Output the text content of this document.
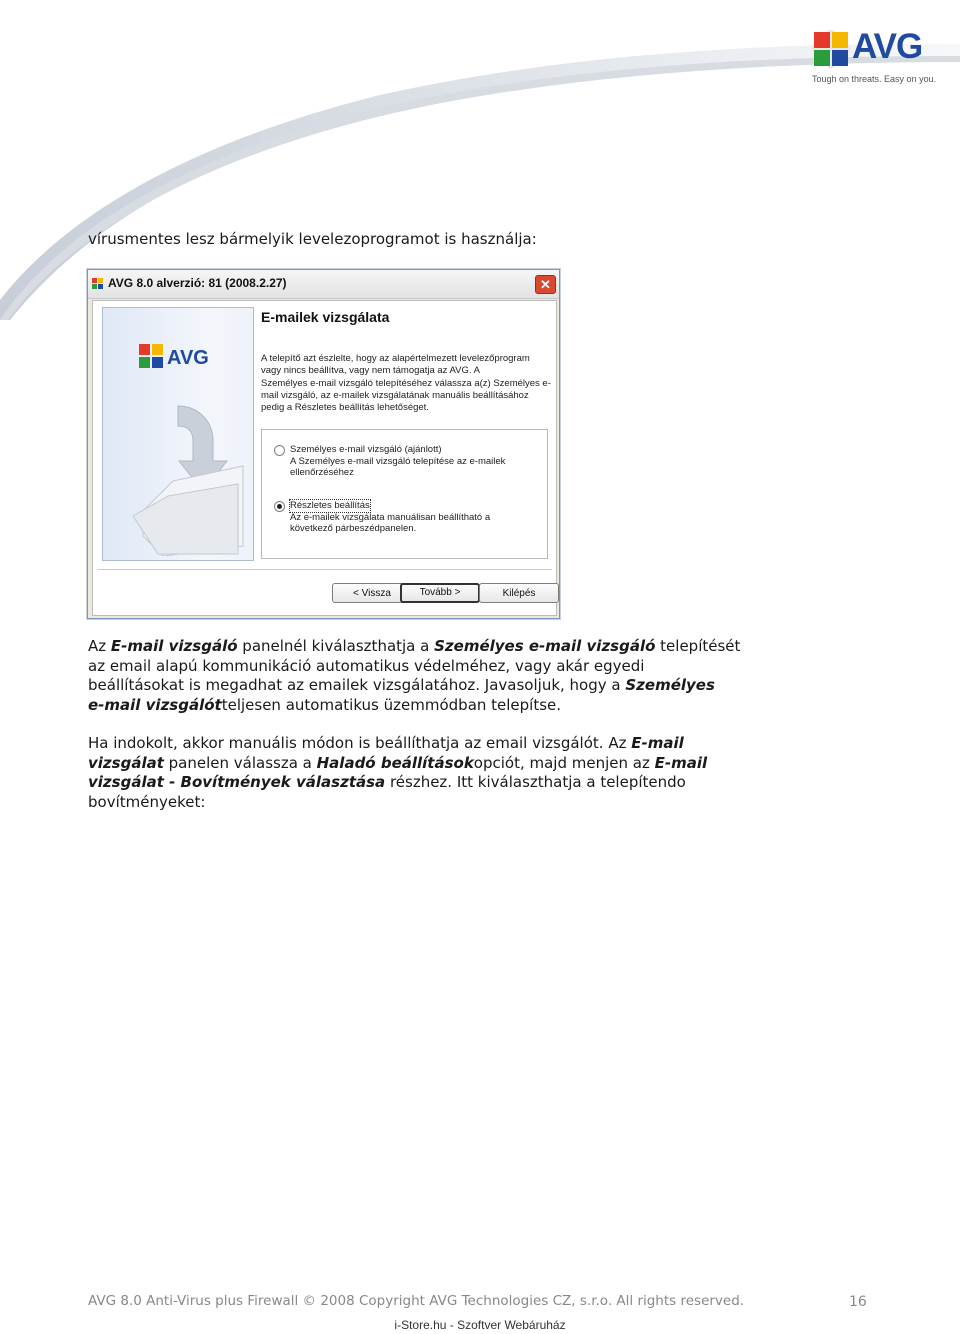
AVG
Tough on threats. Easy on you.
vírusmentes lesz bármelyik levelezoprogramot is használja:
AVG 8.0 alverzió: 81 (2008.2.27)	✕
AVG
E-mailek vizsgálata
A telepítő azt észlelte, hogy az alapértelmezett levelezőprogram
vagy nincs beállítva, vagy nem támogatja az AVG. A
Személyes e-mail vizsgáló telepítéséhez válassza a(z) Személyes e-
mail vizsgáló, az e-mailek vizsgálatának manuális beállításához
pedig a Részletes beállítás lehetőséget.
Személyes e-mail vizsgáló (ajánlott)
A Személyes e-mail vizsgáló telepítése az e-mailek
ellenőrzéséhez
Részletes beállítás
Az e-mailek vizsgálata manuálisan beállítható a
következő párbeszédpanelen.
< Vissza	Tovább >	Kilépés

Az E-mail vizsgáló panelnél kiválaszthatja a Személyes e-mail vizsgáló telepítését

az email alapú kommunikáció automatikus védelméhez, vagy akár egyedi

beállításokat is megadhat az emailek vizsgálatához. Javasoljuk, hogy a Személyes

e-mail vizsgálótteljesen automatikus üzemmódban telepítse.

Ha indokolt, akkor manuális módon is beállíthatja az email vizsgálót. Az E-mail

vizsgálat panelen válassza a Haladó beállításokopciót, majd menjen az E-mail

vizsgálat - Bovítmények választása részhez. Itt kiválaszthatja a telepítendo

bovítményeket:

AVG 8.0 Anti-Virus plus Firewall © 2008 Copyright AVG Technologies CZ, s.r.o. All rights reserved.	16
i-Store.hu - Szoftver Webáruház
